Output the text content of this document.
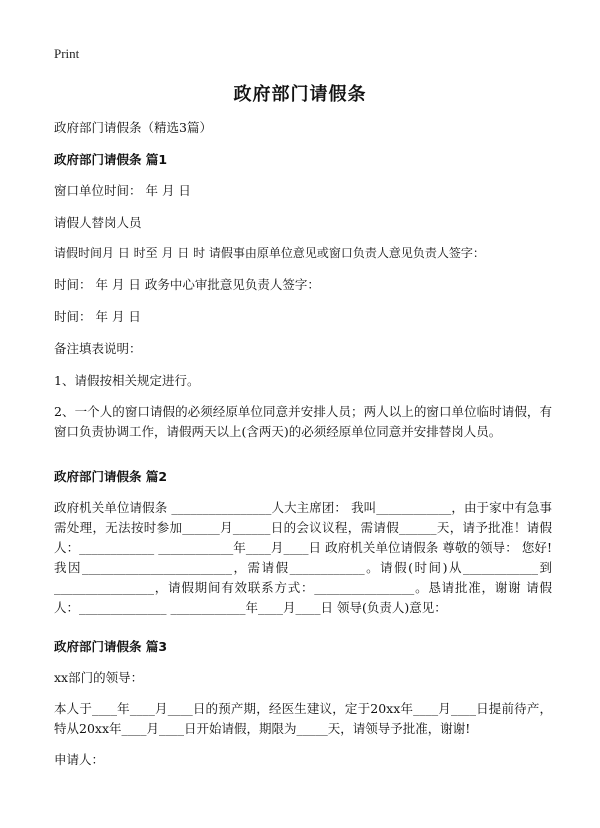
Print
政府部门请假条
政府部门请假条（精选3篇）
政府部门请假条 篇1
窗口单位时间： 年 月 日
请假人替岗人员
请假时间月 日 时至 月 日 时 请假事由原单位意见或窗口负责人意见负责人签字：
时间： 年 月 日 政务中心审批意见负责人签字：
时间： 年 月 日
备注填表说明：
1、请假按相关规定进行。
2、一个人的窗口请假的必须经原单位同意并安排人员；两人以上的窗口单位临时请假，有窗口负责协调工作，请假两天以上(含两天)的必须经原单位同意并安排替岗人员。
政府部门请假条 篇2
政府机关单位请假条 ________________人大主席团： 我叫____________，由于家中有急事需处理，无法按时参加______月______日的会议议程，需请假______天，请予批准！请假人：____________ ____________年____月____日 政府机关单位请假条 尊敬的领导： 您好!我因________________________，需请假____________。请假(时间)从____________到________________，请假期间有效联系方式：________________。恳请批准，谢谢 请假人：______________ ____________年____月____日 领导(负责人)意见：
政府部门请假条 篇3
xx部门的领导：
本人于____年____月____日的预产期，经医生建议，定于20xx年____月____日提前待产，特从20xx年____月____日开始请假，期限为_____天，请领导予批准，谢谢!
申请人：
